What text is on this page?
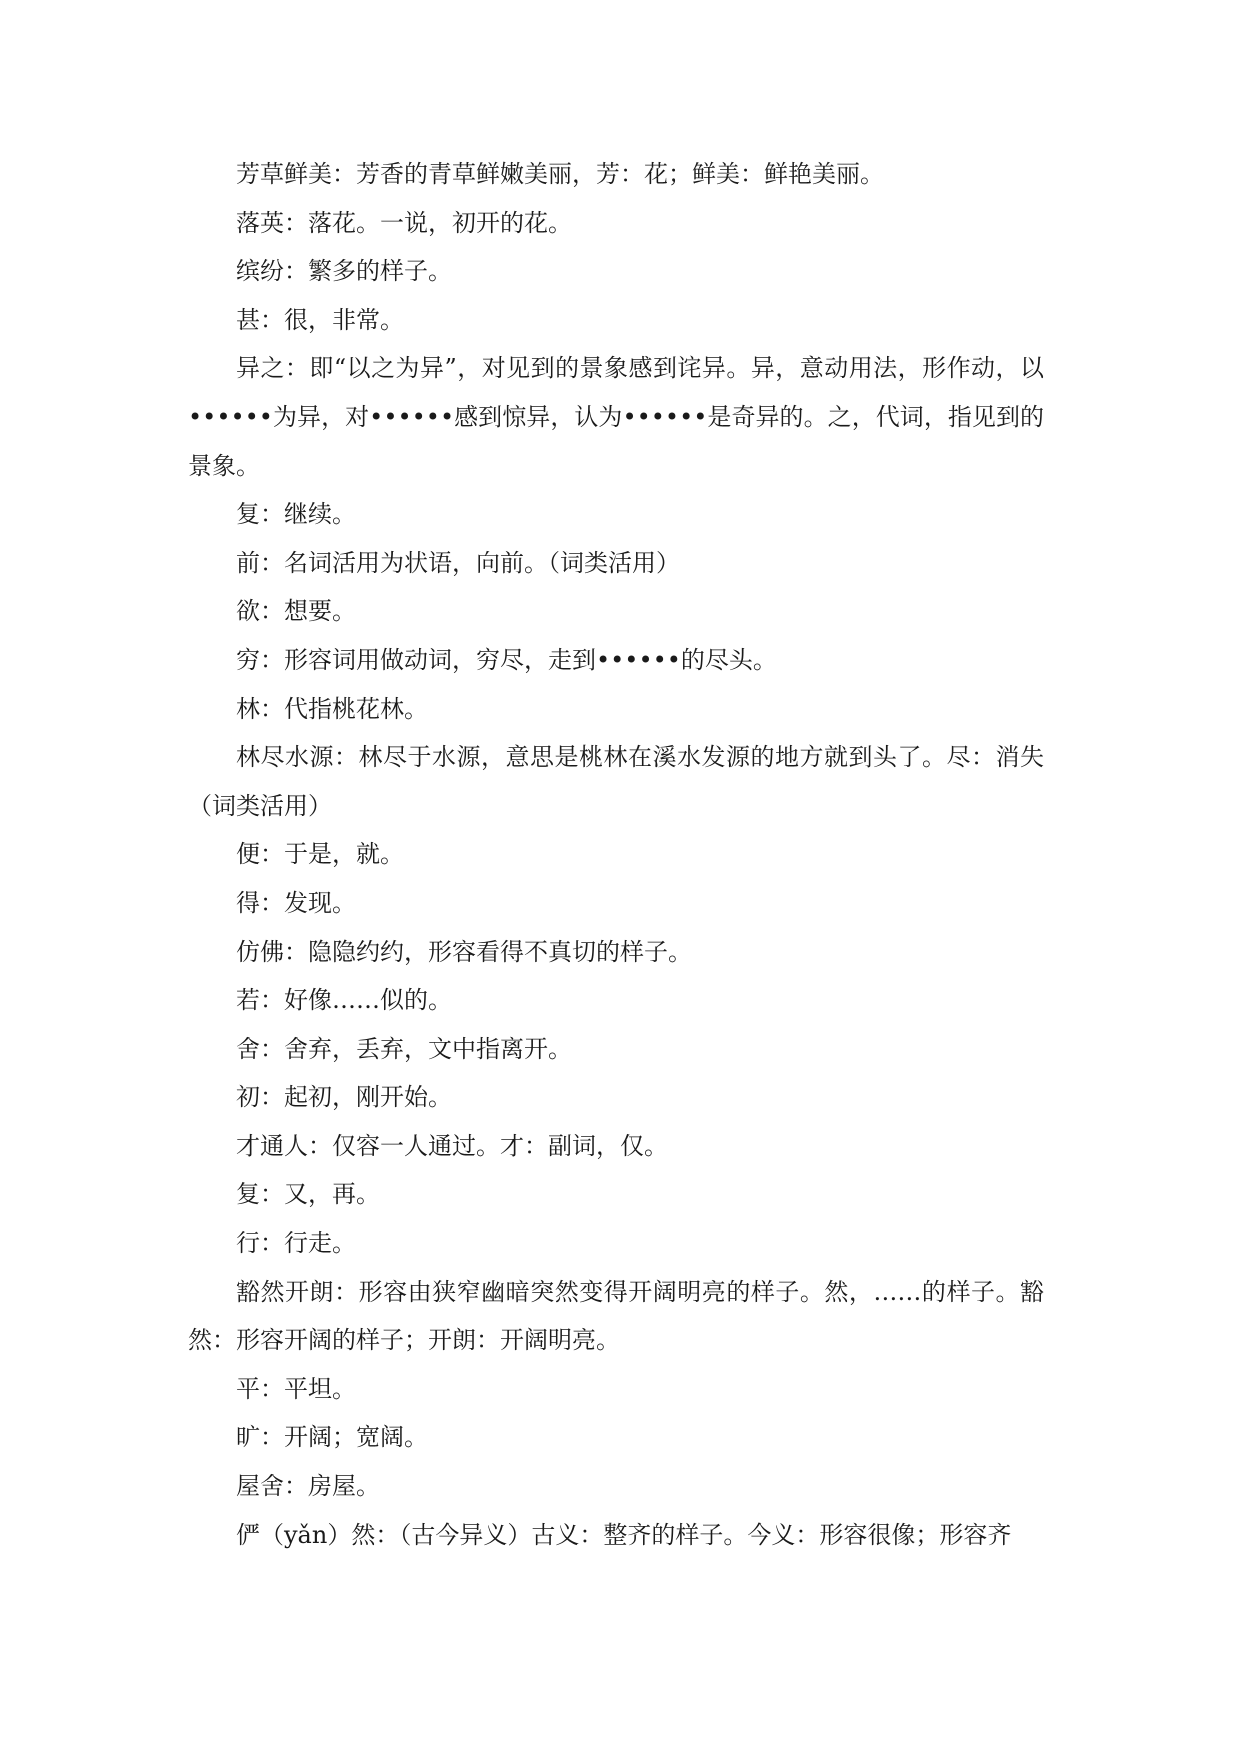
芳草鲜美：芳香的青草鲜嫩美丽，芳：花；鲜美：鲜艳美丽。

落英：落花。一说，初开的花。

缤纷：繁多的样子。

甚：很，非常。

异之：即“以之为异”，对见到的景象感到诧异。异，意动用法，形作动，以••••••为异，对••••••感到惊异，认为••••••是奇异的。之，代词，指见到的景象。

复：继续。

前：名词活用为状语，向前。（词类活用）

欲：想要。

穷：形容词用做动词，穷尽，走到••••••的尽头。

林：代指桃花林。

林尽水源：林尽于水源，意思是桃林在溪水发源的地方就到头了。尽：消失（词类活用）

便：于是，就。

得：发现。

仿佛：隐隐约约，形容看得不真切的样子。

若：好像……似的。

舍：舍弃，丢弃，文中指离开。

初：起初，刚开始。

才通人：仅容一人通过。才：副词，仅。

复：又，再。

行：行走。

豁然开朗：形容由狭窄幽暗突然变得开阔明亮的样子。然，……的样子。豁然：形容开阔的样子；开朗：开阔明亮。

平：平坦。

旷：开阔；宽阔。

屋舍：房屋。

俨（yǎn）然：（古今异义）古义：整齐的样子。今义：形容很像；形容齐
